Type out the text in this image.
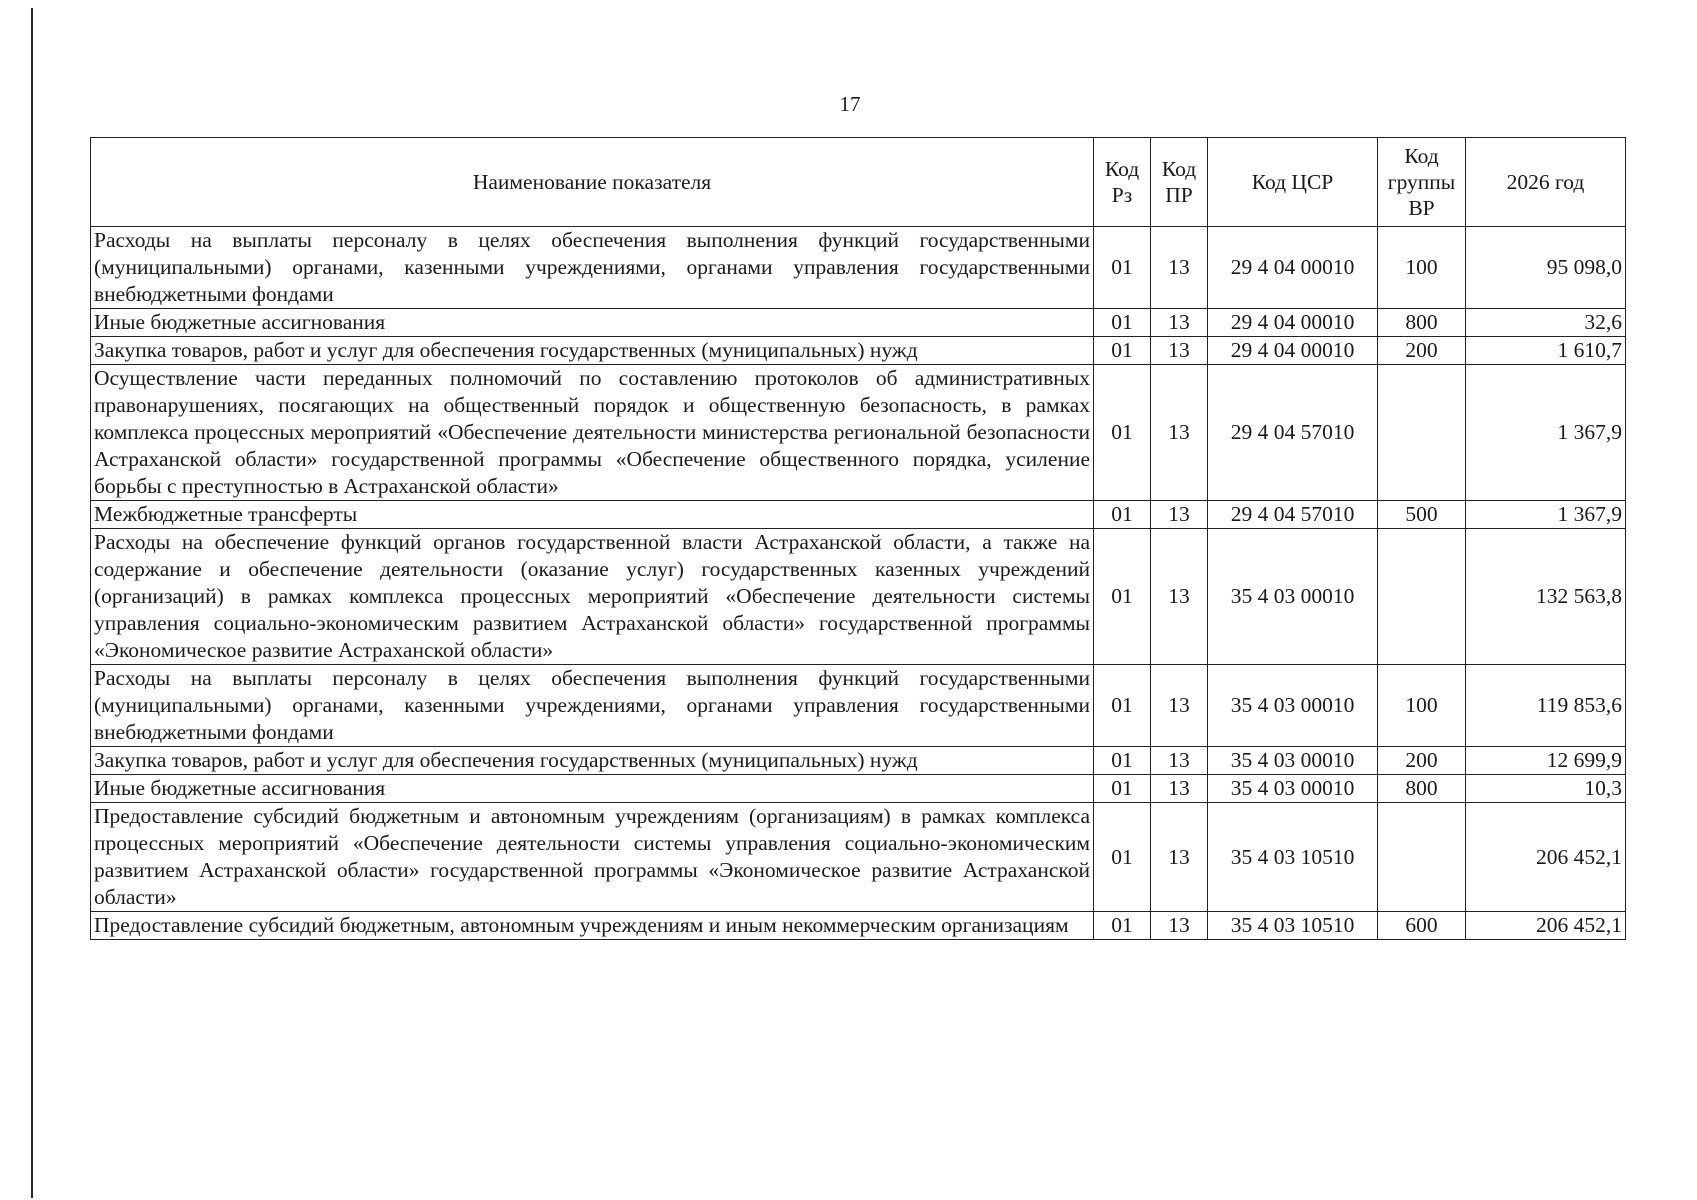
17
Наименование показателя	Код Рз	Код ПР	Код ЦСР	Код группы ВР	2026 год
Расходы на выплаты персоналу в целях обеспечения выполнения функций государственными (муниципальными) органами, казенными учреждениями, органами управления государственными внебюджетными фондами	01	13	29 4 04 00010	100	95 098,0
Иные бюджетные ассигнования	01	13	29 4 04 00010	800	32,6
Закупка товаров, работ и услуг для обеспечения государственных (муниципальных) нужд	01	13	29 4 04 00010	200	1 610,7
Осуществление части переданных полномочий по составлению протоколов об административных правонарушениях, посягающих на общественный порядок и общественную безопасность, в рамках комплекса процессных мероприятий «Обеспечение деятельности министерства региональной безопасности Астраханской области» государственной программы «Обеспечение общественного порядка, усиление борьбы с преступностью в Астраханской области»	01	13	29 4 04 57010		1 367,9
Межбюджетные трансферты	01	13	29 4 04 57010	500	1 367,9
Расходы на обеспечение функций органов государственной власти Астраханской области, а также на содержание и обеспечение деятельности (оказание услуг) государственных казенных учреждений (организаций) в рамках комплекса процессных мероприятий «Обеспечение деятельности системы управления социально-экономическим развитием Астраханской области» государственной программы «Экономическое развитие Астраханской области»	01	13	35 4 03 00010		132 563,8
Расходы на выплаты персоналу в целях обеспечения выполнения функций государственными (муниципальными) органами, казенными учреждениями, органами управления государственными внебюджетными фондами	01	13	35 4 03 00010	100	119 853,6
Закупка товаров, работ и услуг для обеспечения государственных (муниципальных) нужд	01	13	35 4 03 00010	200	12 699,9
Иные бюджетные ассигнования	01	13	35 4 03 00010	800	10,3
Предоставление субсидий бюджетным и автономным учреждениям (организациям) в рамках комплекса процессных мероприятий «Обеспечение деятельности системы управления социально-экономическим развитием Астраханской области» государственной программы «Экономическое развитие Астраханской области»	01	13	35 4 03 10510		206 452,1
Предоставление субсидий бюджетным, автономным учреждениям и иным некоммерческим организациям	01	13	35 4 03 10510	600	206 452,1
